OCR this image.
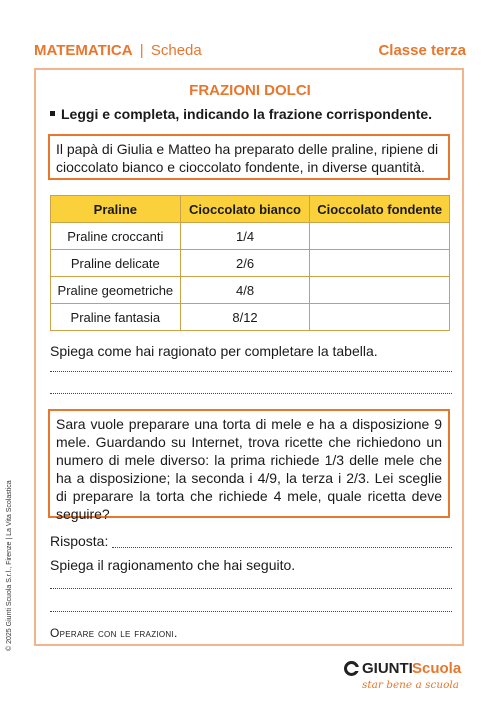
MATEMATICA | Scheda	Classe terza
FRAZIONI DOLCI
Leggi e completa, indicando la frazione corrispondente.
Il papà di Giulia e Matteo ha preparato delle praline, ripiene di cioccolato bianco e cioccolato fondente, in diverse quantità.
Praline	Cioccolato bianco	Cioccolato fondente
Praline croccanti	1/4	
Praline delicate	2/6	
Praline geometriche	4/8	
Praline fantasia	8/12	
Spiega come hai ragionato per completare la tabella.
Sara vuole preparare una torta di mele e ha a disposizione 9 mele. Guardando su Internet, trova ricette che richiedono un numero di mele diverso: la prima richiede 1/3 delle mele che ha a disposizione; la seconda i 4/9, la terza i 2/3. Lei sceglie di preparare la torta che richiede 4 mele, quale ricetta deve seguire?
Risposta:
Spiega il ragionamento che hai seguito.
Operare con le frazioni.
© 2025 Giunti Scuola S.r.l., Firenze | La Vita Scolastica
GIUNTI Scuola
star bene a scuola
